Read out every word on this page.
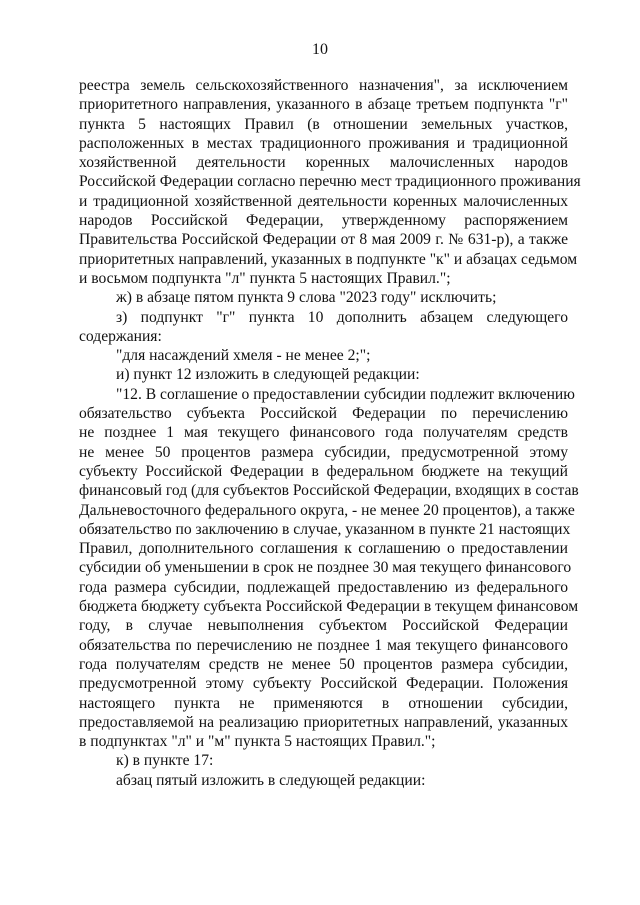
10
реестра земель сельскохозяйственного назначения", за исключением
приоритетного направления, указанного в абзаце третьем подпункта "г"
пункта 5 настоящих Правил (в отношении земельных участков,
расположенных в местах традиционного проживания и традиционной
хозяйственной деятельности коренных малочисленных народов
Российской Федерации согласно перечню мест традиционного проживания
и традиционной хозяйственной деятельности коренных малочисленных
народов Российской Федерации, утвержденному распоряжением
Правительства Российской Федерации от 8 мая 2009 г. № 631-р), а также
приоритетных направлений, указанных в подпункте "к" и абзацах седьмом
и восьмом подпункта "л" пункта 5 настоящих Правил.";
ж) в абзаце пятом пункта 9 слова "2023 году" исключить;
з) подпункт "г" пункта 10 дополнить абзацем следующего
содержания:
"для насаждений хмеля - не менее 2;";
и) пункт 12 изложить в следующей редакции:
"12. В соглашение о предоставлении субсидии подлежит включению
обязательство субъекта Российской Федерации по перечислению
не позднее 1 мая текущего финансового года получателям средств
не менее 50 процентов размера субсидии, предусмотренной этому
субъекту Российской Федерации в федеральном бюджете на текущий
финансовый год (для субъектов Российской Федерации, входящих в состав
Дальневосточного федерального округа, - не менее 20 процентов), а также
обязательство по заключению в случае, указанном в пункте 21 настоящих
Правил, дополнительного соглашения к соглашению о предоставлении
субсидии об уменьшении в срок не позднее 30 мая текущего финансового
года размера субсидии, подлежащей предоставлению из федерального
бюджета бюджету субъекта Российской Федерации в текущем финансовом
году, в случае невыполнения субъектом Российской Федерации
обязательства по перечислению не позднее 1 мая текущего финансового
года получателям средств не менее 50 процентов размера субсидии,
предусмотренной этому субъекту Российской Федерации. Положения
настоящего пункта не применяются в отношении субсидии,
предоставляемой на реализацию приоритетных направлений, указанных
в подпунктах "л" и "м" пункта 5 настоящих Правил.";
к) в пункте 17:
абзац пятый изложить в следующей редакции:
